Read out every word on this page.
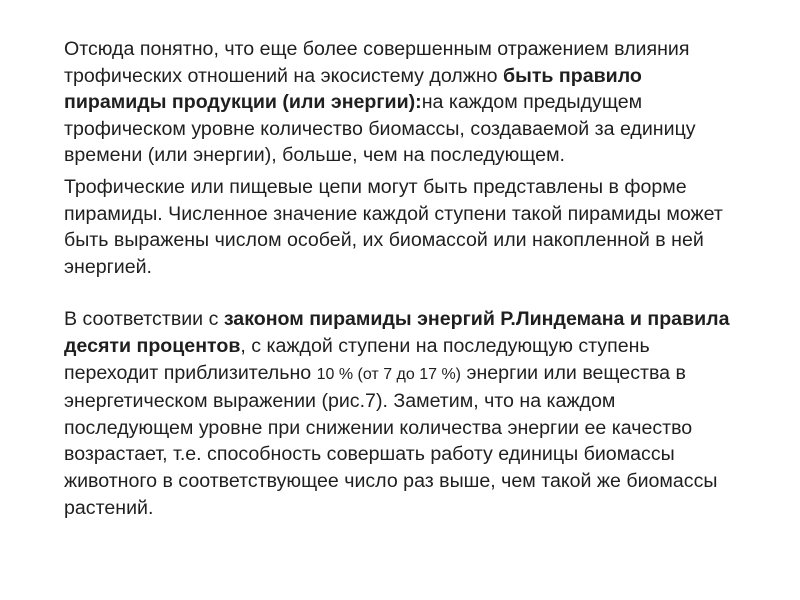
Отсюда понятно, что еще более совершенным отражением влияния трофических отношений на экосистему должно быть правило пирамиды продукции (или энергии):на каждом предыдущем трофическом уровне количество биомассы, создаваемой за единицу времени (или энергии), больше, чем на последующем.

Трофические или пищевые цепи могут быть представлены в форме пирамиды. Численное значение каждой ступени такой пирамиды может быть выражены числом особей, их биомассой или накопленной в ней энергией.

В соответствии с законом пирамиды энергий Р.Линдемана и правила десяти процентов, с каждой ступени на последующую ступень переходит приблизительно 10 % (от 7 до 17 %) энергии или вещества в энергетическом выражении (рис.7). Заметим, что на каждом последующем уровне при снижении количества энергии ее качество возрастает, т.е. способность совершать работу единицы биомассы животного в соответствующее число раз выше, чем такой же биомассы растений.
